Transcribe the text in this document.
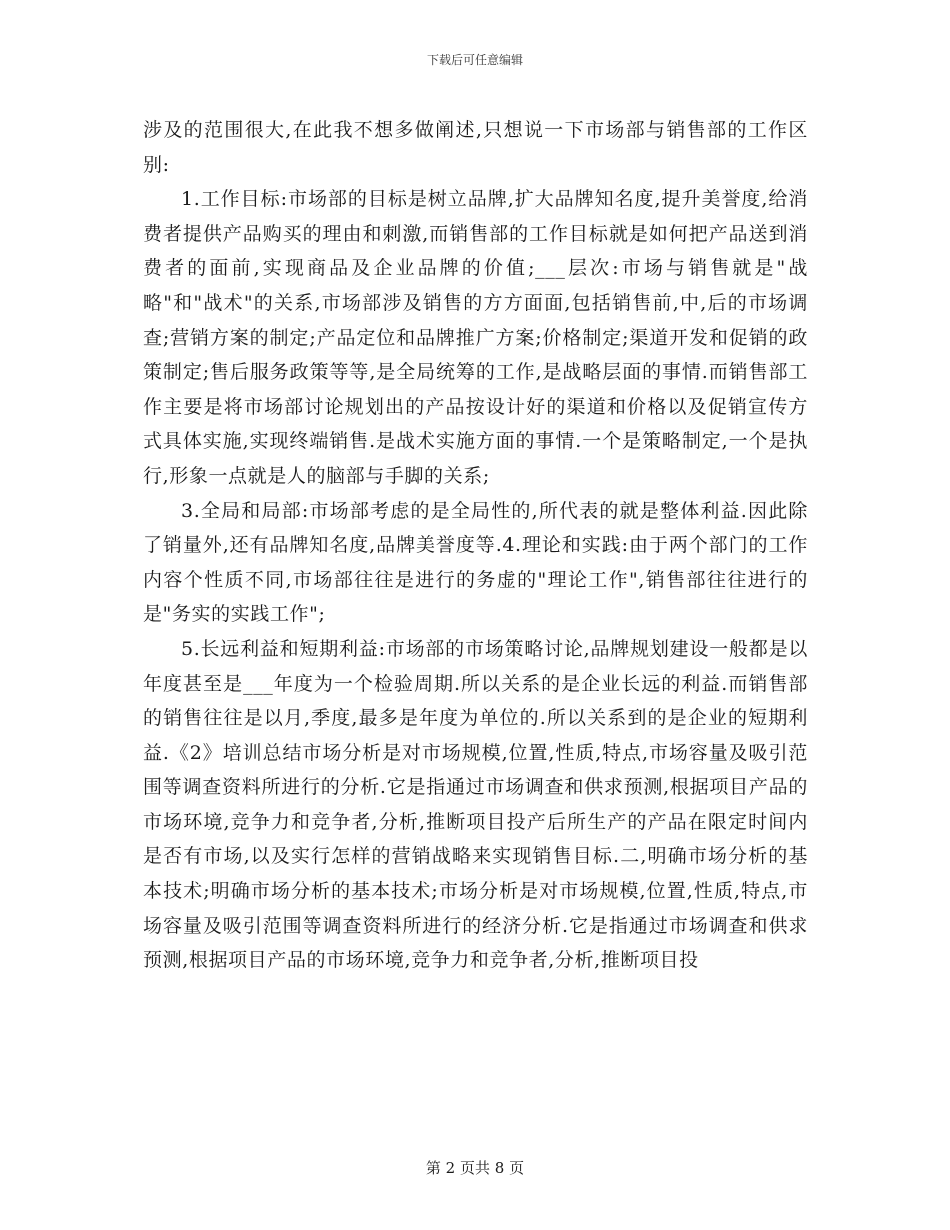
下载后可任意编辑

涉及的范围很大,在此我不想多做阐述,只想说一下市场部与销售部的工作区别:

1.工作目标:市场部的目标是树立品牌,扩大品牌知名度,提升美誉度,给消费者提供产品购买的理由和刺激,而销售部的工作目标就是如何把产品送到消费者的面前,实现商品及企业品牌的价值;___层次:市场与销售就是"战略"和"战术"的关系,市场部涉及销售的方方面面,包括销售前,中,后的市场调查;营销方案的制定;产品定位和品牌推广方案;价格制定;渠道开发和促销的政策制定;售后服务政策等等,是全局统筹的工作,是战略层面的事情.而销售部工作主要是将市场部讨论规划出的产品按设计好的渠道和价格以及促销宣传方式具体实施,实现终端销售.是战术实施方面的事情.一个是策略制定,一个是执行,形象一点就是人的脑部与手脚的关系;

3.全局和局部:市场部考虑的是全局性的,所代表的就是整体利益.因此除了销量外,还有品牌知名度,品牌美誉度等.4.理论和实践:由于两个部门的工作内容个性质不同,市场部往往是进行的务虚的"理论工作",销售部往往进行的是"务实的实践工作";

5.长远利益和短期利益:市场部的市场策略讨论,品牌规划建设一般都是以年度甚至是___年度为一个检验周期.所以关系的是企业长远的利益.而销售部的销售往往是以月,季度,最多是年度为单位的.所以关系到的是企业的短期利益.《2》培训总结市场分析是对市场规模,位置,性质,特点,市场容量及吸引范围等调查资料所进行的分析.它是指通过市场调查和供求预测,根据项目产品的市场环境,竞争力和竞争者,分析,推断项目投产后所生产的产品在限定时间内是否有市场,以及实行怎样的营销战略来实现销售目标.二,明确市场分析的基本技术;明确市场分析的基本技术;市场分析是对市场规模,位置,性质,特点,市场容量及吸引范围等调查资料所进行的经济分析.它是指通过市场调查和供求预测,根据项目产品的市场环境,竞争力和竞争者,分析,推断项目投

第 2 页共 8 页
